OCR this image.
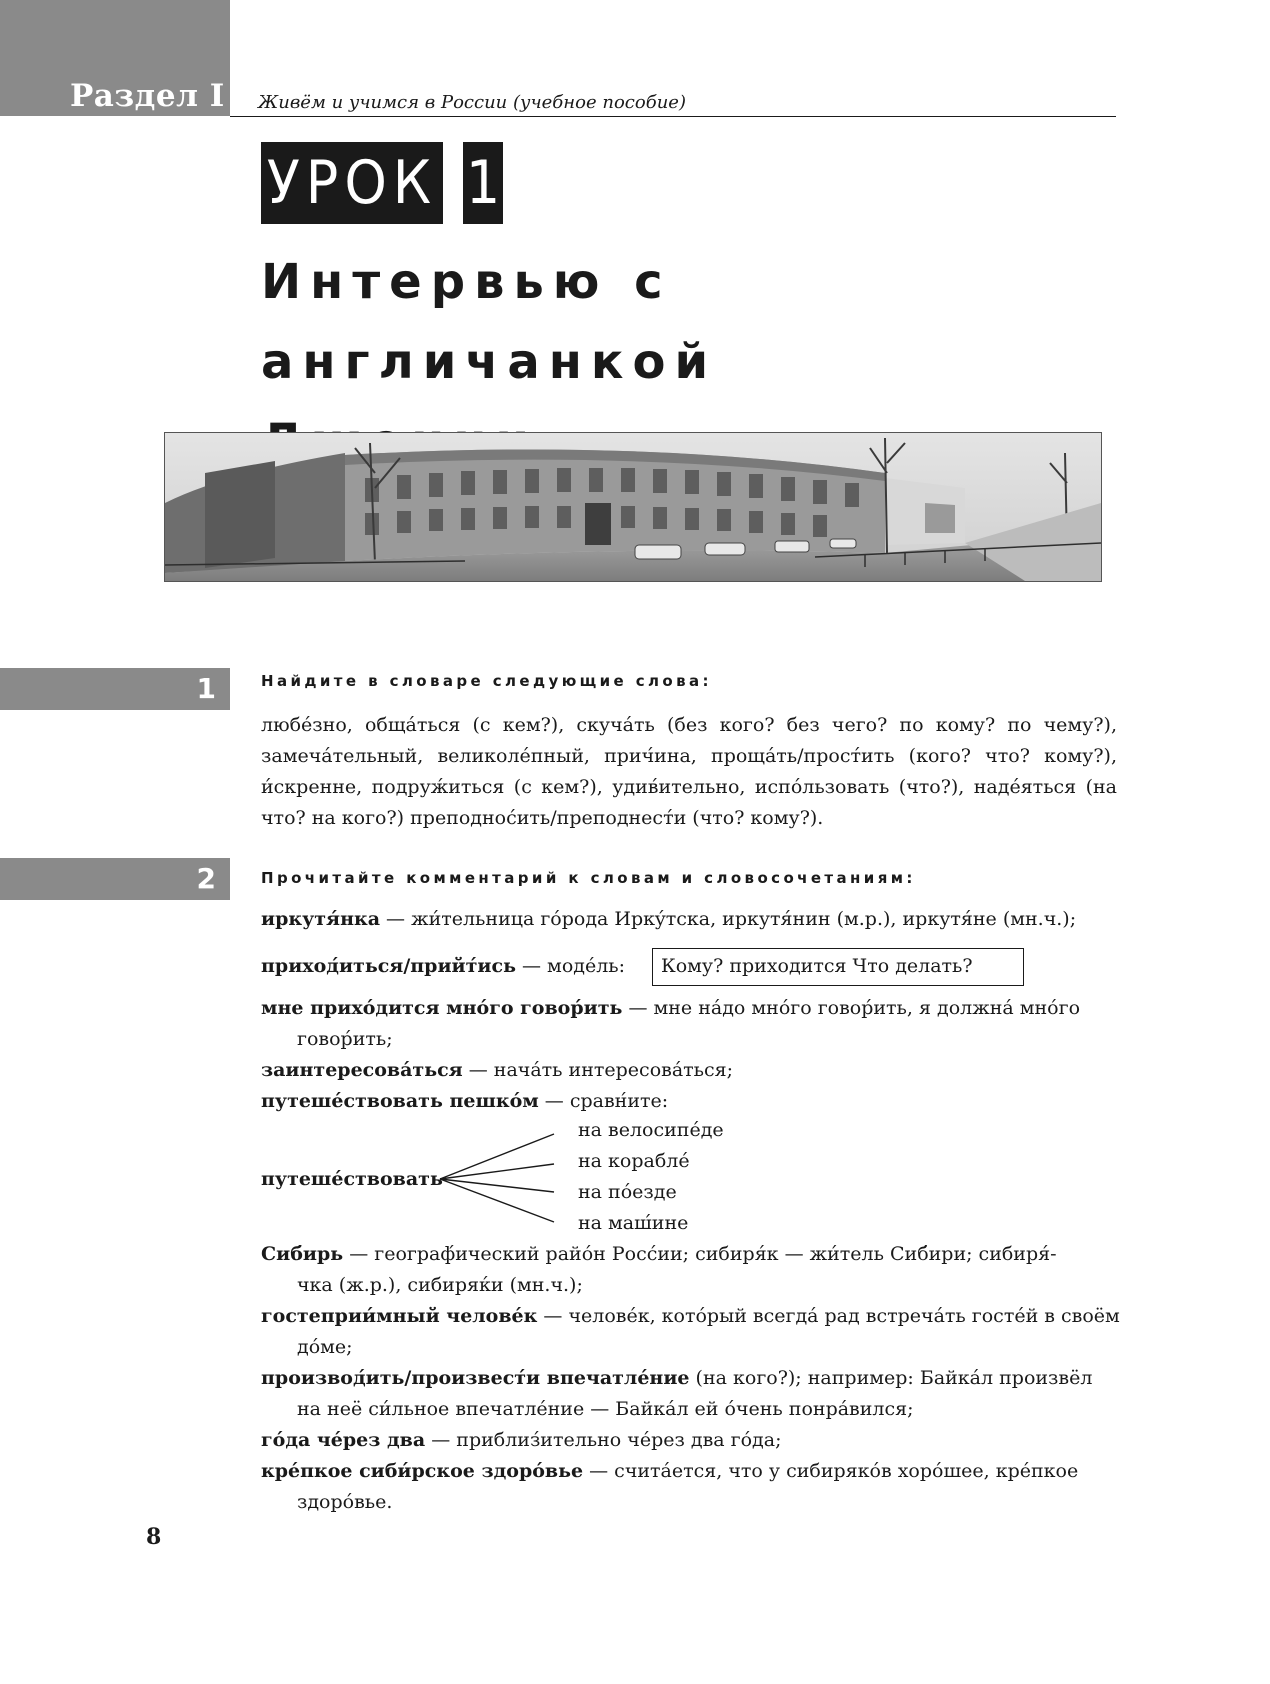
Раздел I Живём и учимся в России (учебное пособие)
УРОК 1
Интервью с англичанкой

1	Найдите в словаре следующие слова:

любе́зно, обща́ться (с кем?), скуча́ть (без кого? без чего? по кому? по чему?), замеча́тельный, великоле́пный, прич́ина, проща́ть/прост́ить (кого? что? кому?), и́скренне, подруж́иться (с кем?), удив́ительно, испо́льзовать (что?), наде́яться (на что? на кого?) преподнос́ить/преподнест́и (что? кому?).

2	Прочитайте комментарий к словам и словосочетаниям:
иркутя́нка — жи́тельница го́рода Иркýтска, иркутя́нин (м.р.), иркутя́не (мн.ч.);
приход́иться/прийт́ись — моде́ль:	Кому? приходится Что делать?
мне прихо́дится мно́го говор́ить — мне на́до мно́го говор́ить, я должна́ мно́го
говор́ить;
заинтересова́ться — нача́ть интересова́ться;
путеше́ствовать пешко́м — сравн́ите:
путеше́ствовать
на велосипе́де
на корабле́
на по́езде
на маш́ине
Сиб́ирь — географ́ический райо́н Росс́ии; сибиря́к — жи́тель Сиб́ири; сибиря́-
чка (ж.р.), сибиряќи (мн.ч.);
гостеприи́мный челове́к — челове́к, кото́рый всегда́ рад встреча́ть госте́й в своём
до́ме;
производ́ить/произвест́и впечатле́ние (на кого?); например: Байка́л произвёл
на неё си́льное впечатле́ние — Байка́л ей о́чень понра́вился;
го́да че́рез два — приблиз́ительно че́рез два го́да;
кре́пкое сиби́рское здоро́вье — счита́ется, что у сибиряко́в хоро́шее, кре́пкое
здоро́вье.
8
